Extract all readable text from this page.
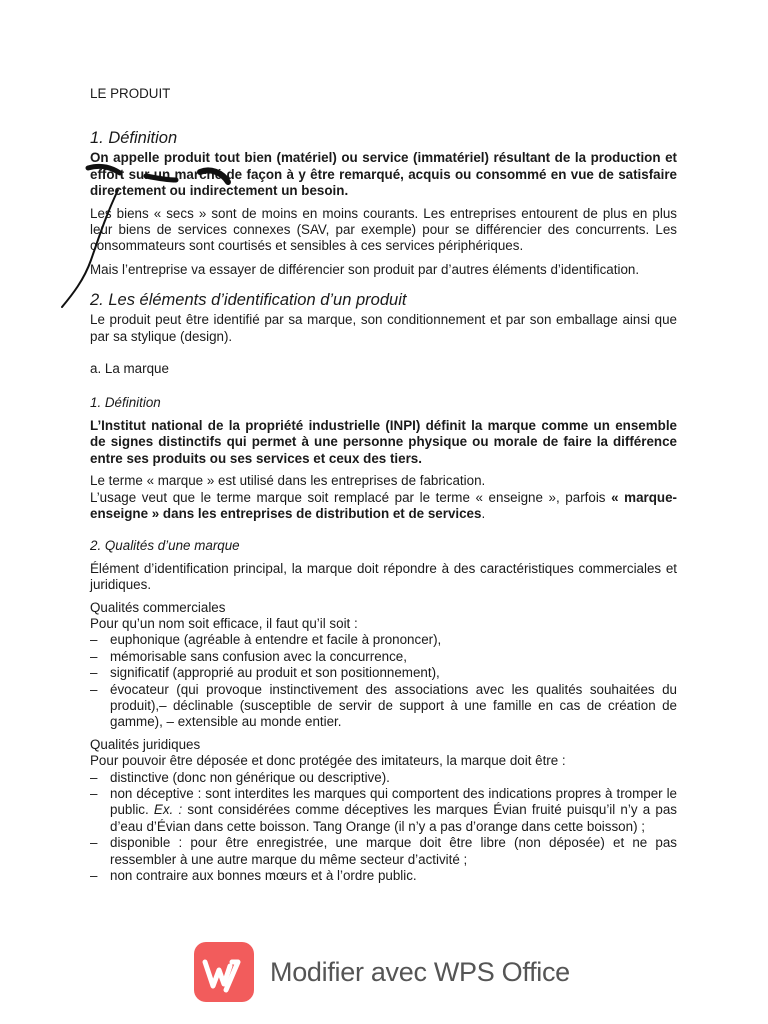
LE PRODUIT

1. Définition

On appelle produit tout bien (matériel) ou service (immatériel) résultant de la production et effort sur un marché de façon à y être remarqué, acquis ou consommé en vue de satisfaire directement ou indirectement un besoin.

Les biens « secs » sont de moins en moins courants. Les entreprises entourent de plus en plus leur biens de services connexes (SAV, par exemple) pour se différencier des concurrents. Les consommateurs sont courtisés et sensibles à ces services périphériques.

Mais l’entreprise va essayer de différencier son produit par d’autres éléments d’identification.

2. Les éléments d’identification d’un produit

Le produit peut être identifié par sa marque, son conditionnement et par son emballage ainsi que par sa stylique (design).

a. La marque

1. Définition

L’Institut national de la propriété industrielle (INPI) définit la marque comme un ensemble de signes distinctifs qui permet à une personne physique ou morale de faire la différence entre ses produits ou ses services et ceux des tiers.

Le terme « marque » est utilisé dans les entreprises de fabrication.

L’usage veut que le terme marque soit remplacé par le terme « enseigne », parfois « marque-enseigne » dans les entreprises de distribution et de services.

2. Qualités d’une marque

Élément d’identification principal, la marque doit répondre à des caractéristiques commerciales et juridiques.

Qualités commerciales

Pour qu’un nom soit efficace, il faut qu’il soit :

– euphonique (agréable à entendre et facile à prononcer),
– mémorisable sans confusion avec la concurrence,
– significatif (approprié au produit et son positionnement),
– évocateur (qui provoque instinctivement des associations avec les qualités souhaitées du produit),– déclinable (susceptible de servir de support à une famille en cas de création de gamme), – extensible au monde entier.

Qualités juridiques

Pour pouvoir être déposée et donc protégée des imitateurs, la marque doit être :

– distinctive (donc non générique ou descriptive).
– non déceptive : sont interdites les marques qui comportent des indications propres à tromper le public. Ex. : sont considérées comme déceptives les marques Évian fruité puisqu’il n’y a pas d’eau d’Évian dans cette boisson. Tang Orange (il n’y a pas d’orange dans cette boisson) ;
– disponible : pour être enregistrée, une marque doit être libre (non déposée) et ne pas ressembler à une autre marque du même secteur d’activité ;
– non contraire aux bonnes mœurs et à l’ordre public.
Modifier avec WPS Office
